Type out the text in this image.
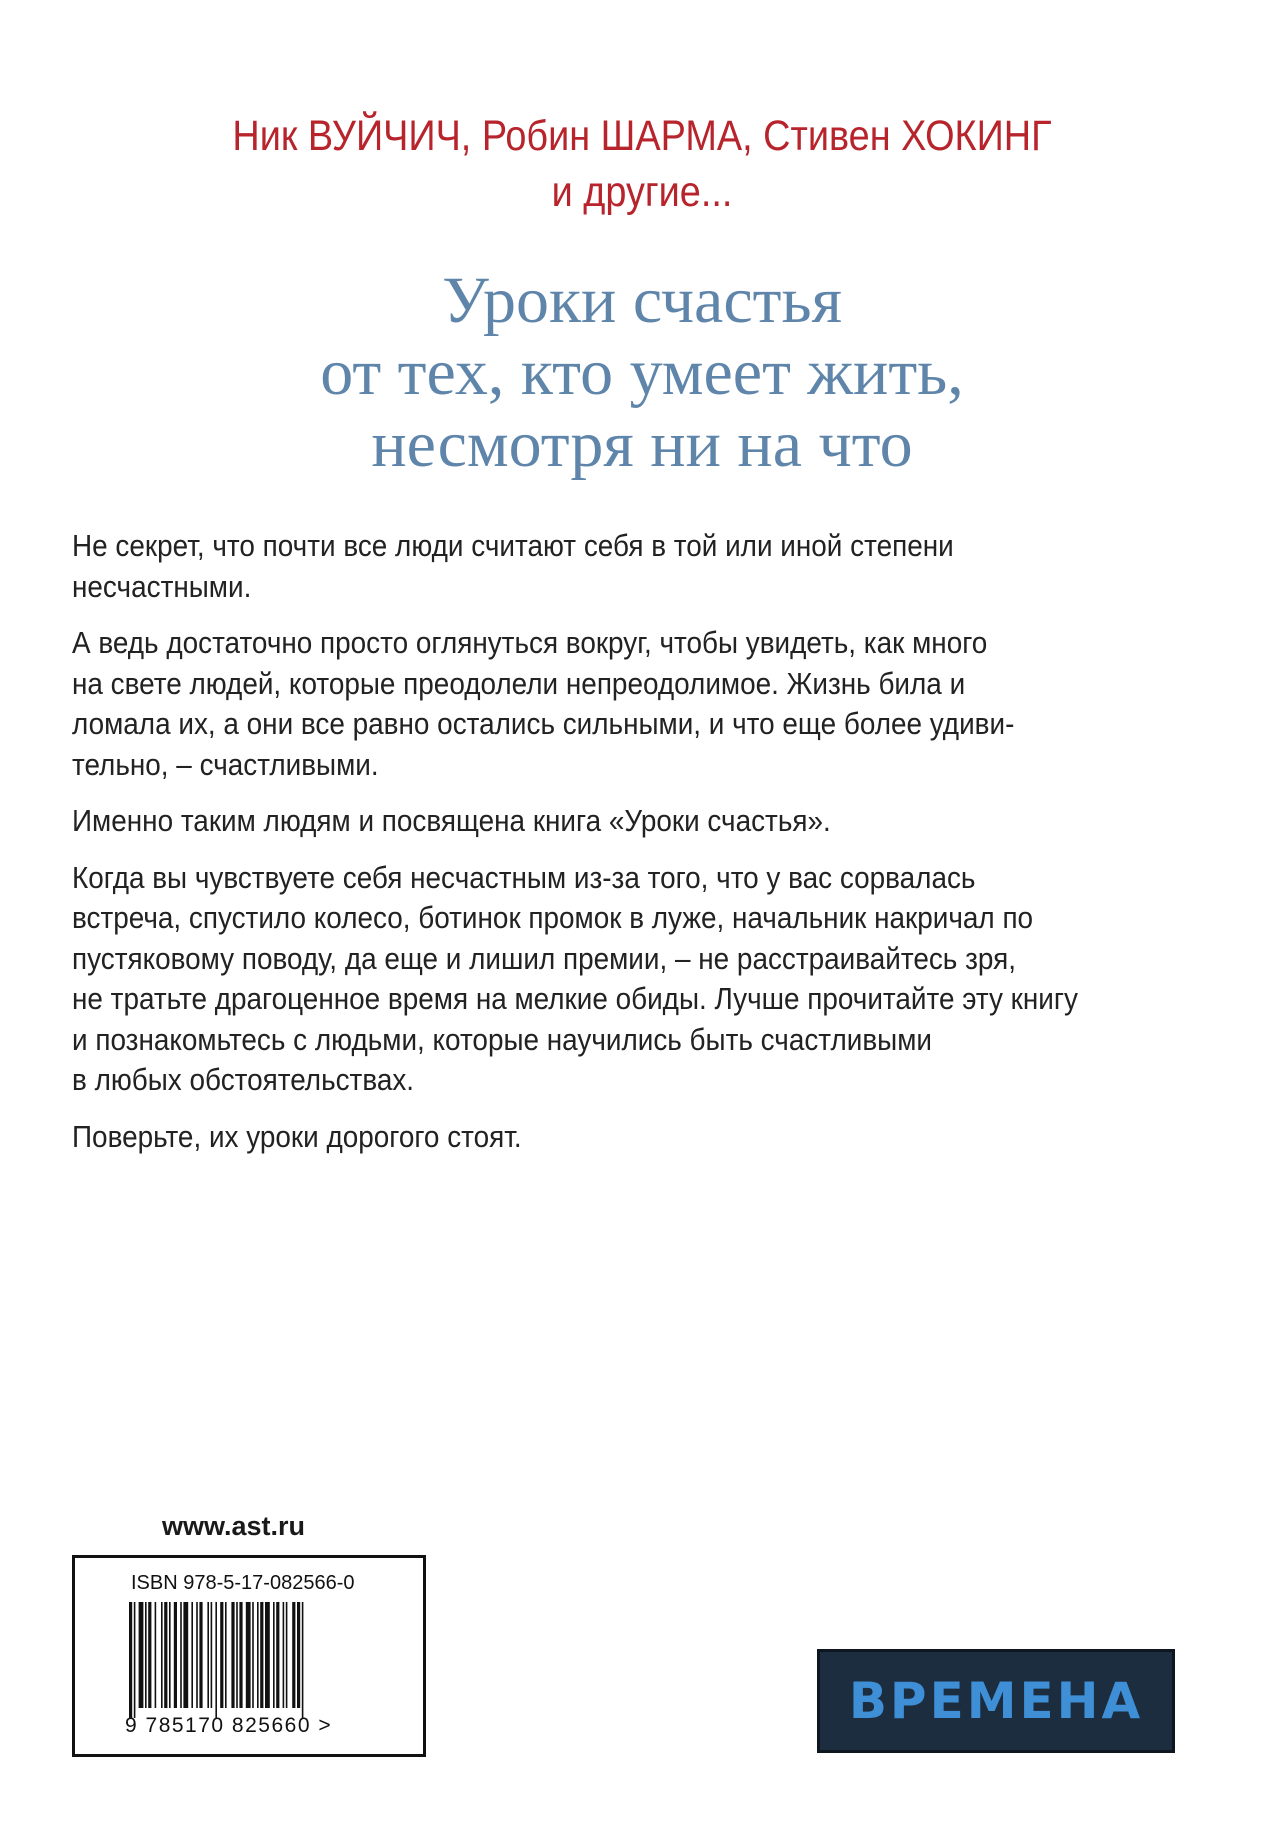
Ник ВУЙЧИЧ, Робин ШАРМА, Стивен ХОКИНГ
и другие...
Уроки счастья
от тех, кто умеет жить,
несмотря ни на что

Не секрет, что почти все люди считают себя в той или иной степени
несчастными.

А ведь достаточно просто оглянуться вокруг, чтобы увидеть, как много
на свете людей, которые преодолели непреодолимое. Жизнь била и
ломала их, а они все равно остались сильными, и что еще более удиви-
тельно, – счастливыми.

Именно таким людям и посвящена книга «Уроки счастья».

Когда вы чувствуете себя несчастным из-за того, что у вас сорвалась
встреча, спустило колесо, ботинок промок в луже, начальник накричал по
пустяковому поводу, да еще и лишил премии, – не расстраивайтесь зря,
не тратьте драгоценное время на мелкие обиды. Лучше прочитайте эту книгу
и познакомьтесь с людьми, которые научились быть счастливыми
в любых обстоятельствах.

Поверьте, их уроки дорогого стоят.

www.ast.ru
ISBN 978-5-17-082566-0
9 785170 825660 >	ВРЕМЕНА
